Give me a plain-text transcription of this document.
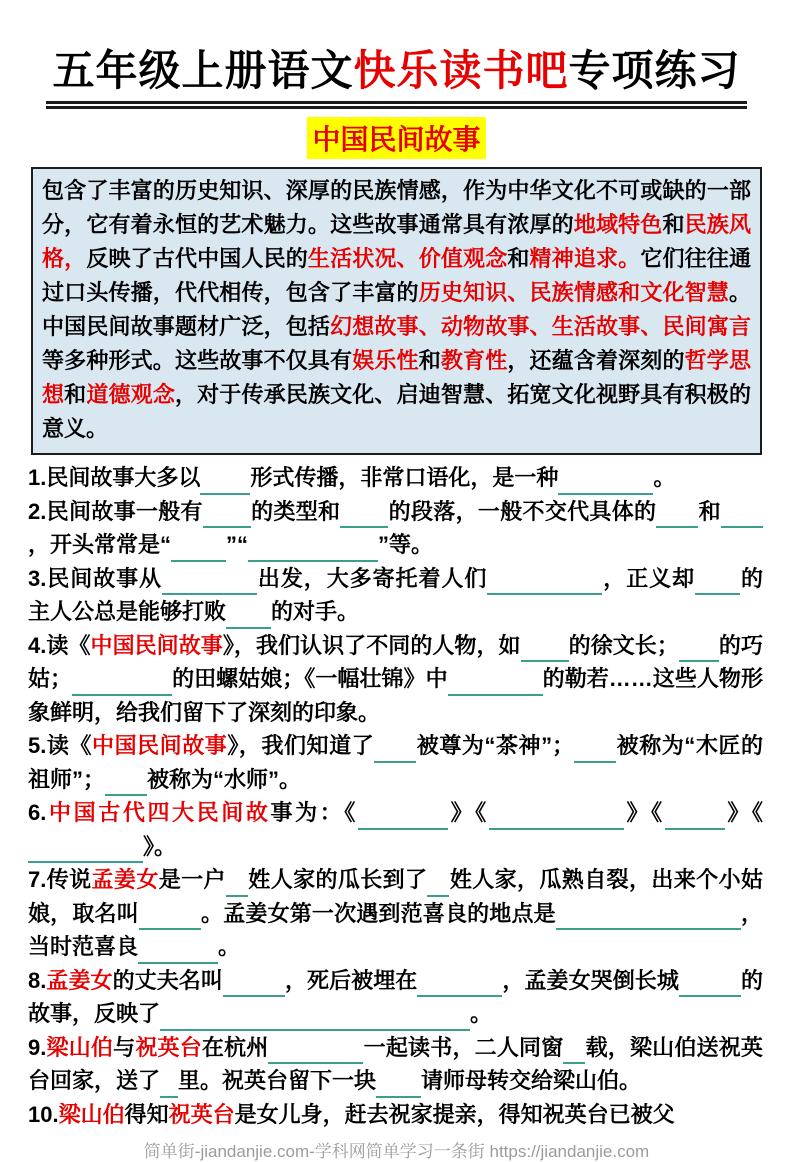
五年级上册语文快乐读书吧专项练习
中国民间故事
包含了丰富的历史知识、深厚的民族情感，作为中华文化不可或缺的一部分，它有着永恒的艺术魅力。这些故事通常具有浓厚的地域特色和民族风格，反映了古代中国人民的生活状况、价值观念和精神追求。它们往往通过口头传播，代代相传，包含了丰富的历史知识、民族情感和文化智慧。中国民间故事题材广泛，包括幻想故事、动物故事、生活故事、民间寓言等多种形式。这些故事不仅具有娱乐性和教育性，还蕴含着深刻的哲学思想和道德观念，对于传承民族文化、启迪智慧、拓宽文化视野具有积极的意义。
1.民间故事大多以 形式传播，非常口语化，是一种	。
2.民间故事一般有 的类型和 的段落，一般不交代具体的 和，开头常常是“	”“	”等。
3.民间故事从	出发，大多寄托着人们	，正义却 的主人公总是能够打败 的对手。
4.读《中国民间故事》，我们认识了不同的人物，如 的徐文长； 的巧姑；	的田螺姑娘；《一幅壮锦》中	的勒若……这些人物形象鲜明，给我们留下了深刻的印象。
5.读《中国民间故事》，我们知道了 被尊为“茶神”； 被称为“木匠的祖师”； 被称为“水师”。
6.中国古代四大民间故事为：《	》《	》《	》《》。
7.传说孟姜女是一户 姓人家的瓜长到了 姓人家，瓜熟自裂，出来个小姑娘，取名叫	。孟姜女第一次遇到范喜良的地点是	，当时范喜良	。
8.孟姜女的丈夫名叫	，死后被埋在	，孟姜女哭倒长城	的故事，反映了	。
9.梁山伯与祝英台在杭州	一起读书，二人同窗 载，梁山伯送祝英台回家，送了 里。祝英台留下一块 请师母转交给梁山伯。
10.梁山伯得知祝英台是女儿身，赶去祝家提亲，得知祝英台已被父
简单街-jiandanjie.com-学科网简单学习一条街 https://jiandanjie.com
